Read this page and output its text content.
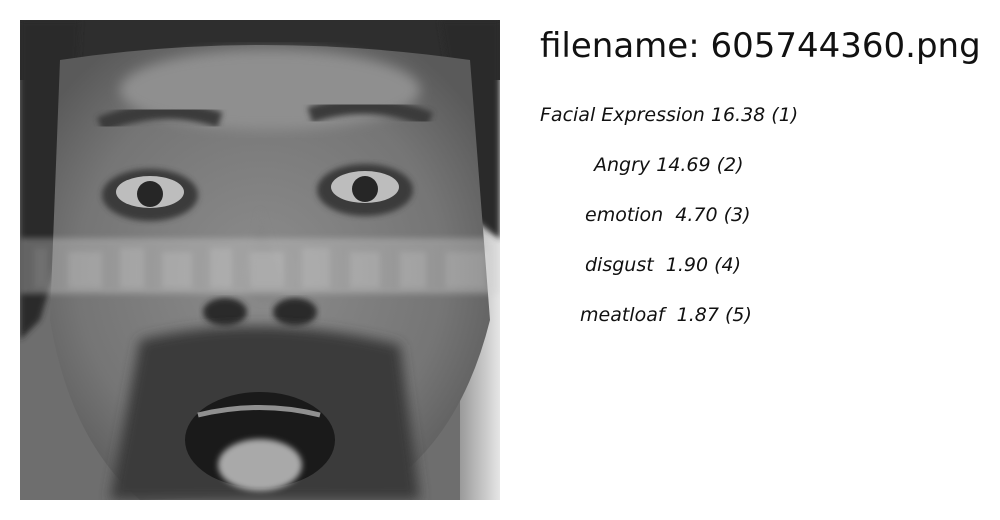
filename: 605744360.png
Facial Expression 16.38 (1)
Angry 14.69 (2)
emotion  4.70 (3)
disgust  1.90 (4)
meatloaf  1.87 (5)
